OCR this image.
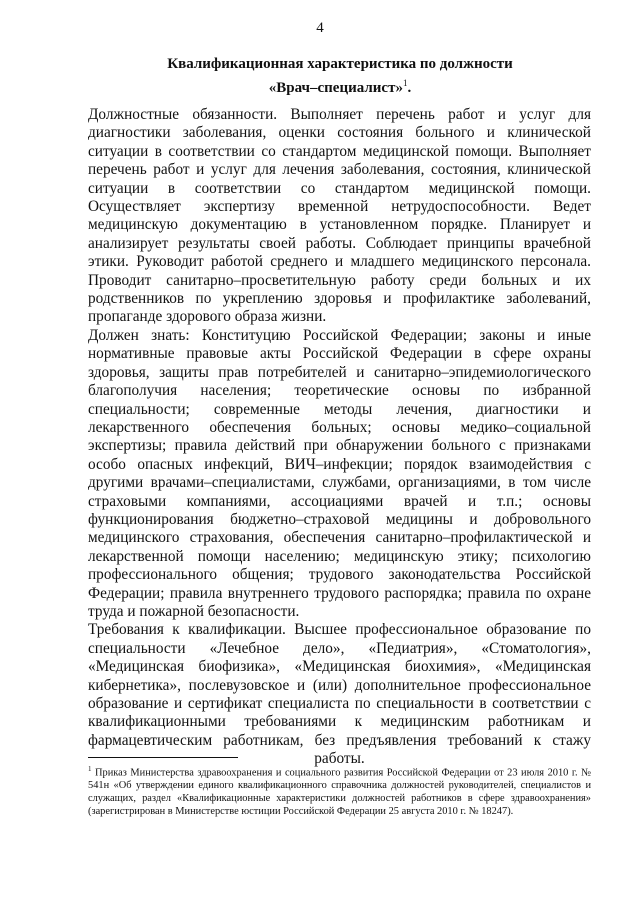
4
Квалификационная характеристика по должности
«Врач–специалист»$^1$.

Должностные обязанности. Выполняет перечень работ и услуг для диагностики заболевания, оценки состояния больного и клинической ситуации в соответствии со стандартом медицинской помощи. Выполняет перечень работ и услуг для лечения заболевания, состояния, клинической ситуации в соответствии со стандартом медицинской помощи. Осуществляет экспертизу временной нетрудоспособности. Ведет медицинскую документацию в установленном порядке. Планирует и анализирует результаты своей работы. Соблюдает принципы врачебной этики. Руководит работой среднего и младшего медицинского персонала. Проводит санитарно–просветительную работу среди больных и их родственников по укреплению здоровья и профилактике заболеваний, пропаганде здорового образа жизни.

Должен знать: Конституцию Российской Федерации; законы и иные нормативные правовые акты Российской Федерации в сфере охраны здоровья, защиты прав потребителей и санитарно–эпидемиологического благополучия населения; теоретические основы по избранной специальности; современные методы лечения, диагностики и лекарственного обеспечения больных; основы медико–социальной экспертизы; правила действий при обнаружении больного с признаками особо опасных инфекций, ВИЧ–инфекции; порядок взаимодействия с другими врачами–специалистами, службами, организациями, в том числе страховыми компаниями, ассоциациями врачей и т.п.; основы функционирования бюджетно–страховой медицины и добровольного медицинского страхования, обеспечения санитарно–профилактической и лекарственной помощи населению; медицинскую этику; психологию профессионального общения; трудового законодательства Российской Федерации; правила внутреннего трудового распорядка; правила по охране труда и пожарной безопасности.

Требования к квалификации. Высшее профессиональное образование по специальности «Лечебное дело», «Педиатрия», «Стоматология», «Медицинская биофизика», «Медицинская биохимия», «Медицинская кибернетика», послевузовское и (или) дополнительное профессиональное образование и сертификат специалиста по специальности в соответствии с квалификационными требованиями к медицинским работникам и фармацевтическим работникам, без предъявления требований к стажу работы.

$^1$ Приказ Министерства здравоохранения и социального развития Российской Федерации от 23 июля 2010 г. № 541н «Об утверждении единого квалификационного справочника должностей руководителей, специалистов и служащих, раздел «Квалификационные характеристики должностей работников в сфере здравоохранения» (зарегистрирован в Министерстве юстиции Российской Федерации 25 августа 2010 г. № 18247).
